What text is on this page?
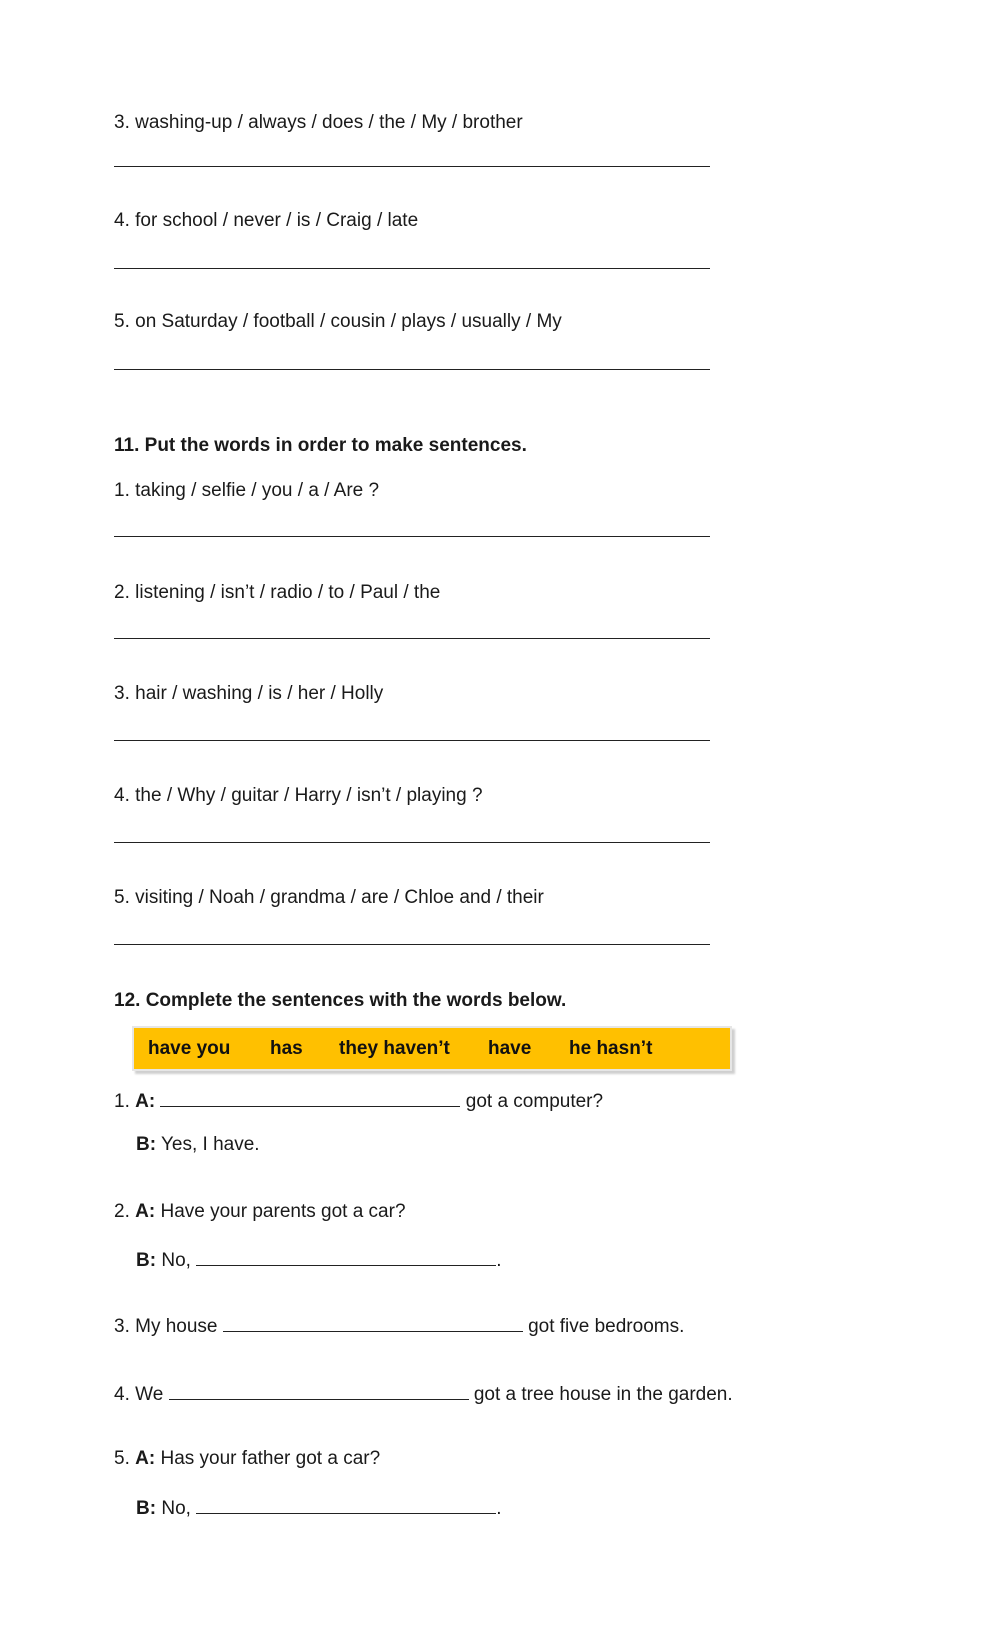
3. washing-up / always / does / the / My / brother
4. for school / never / is / Craig / late
5. on Saturday / football / cousin / plays / usually / My
11. Put the words in order to make sentences.
1. taking / selfie / you / a / Are ?
2. listening / isn’t / radio / to / Paul / the
3. hair / washing / is / her / Holly
4. the / Why / guitar / Harry / isn’t / playing ?
5. visiting / Noah / grandma / are / Chloe and / their
12. Complete the sentences with the words below.
have you has they haven’t have he hasn’t
1. A:	got a computer?
B: Yes, I have.
2. A: Have your parents got a car?
B: No,	.
3. My house	got five bedrooms.
4. We	got a tree house in the garden.
5. A: Has your father got a car?
B: No,	.
